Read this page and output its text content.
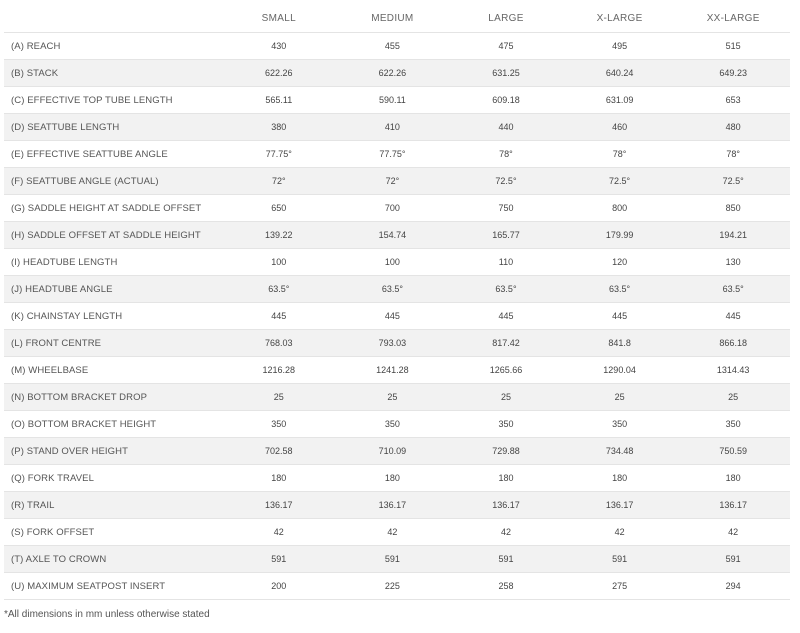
	SMALL	MEDIUM	LARGE	X-LARGE	XX-LARGE
(A) REACH	430	455	475	495	515
(B) STACK	622.26	622.26	631.25	640.24	649.23
(C) EFFECTIVE TOP TUBE LENGTH	565.11	590.11	609.18	631.09	653
(D) SEATTUBE LENGTH	380	410	440	460	480
(E) EFFECTIVE SEATTUBE ANGLE	77.75°	77.75°	78°	78°	78°
(F) SEATTUBE ANGLE (ACTUAL)	72°	72°	72.5°	72.5°	72.5°
(G) SADDLE HEIGHT AT SADDLE OFFSET	650	700	750	800	850
(H) SADDLE OFFSET AT SADDLE HEIGHT	139.22	154.74	165.77	179.99	194.21
(I) HEADTUBE LENGTH	100	100	110	120	130
(J) HEADTUBE ANGLE	63.5°	63.5°	63.5°	63.5°	63.5°
(K) CHAINSTAY LENGTH	445	445	445	445	445
(L) FRONT CENTRE	768.03	793.03	817.42	841.8	866.18
(M) WHEELBASE	1216.28	1241.28	1265.66	1290.04	1314.43
(N) BOTTOM BRACKET DROP	25	25	25	25	25
(O) BOTTOM BRACKET HEIGHT	350	350	350	350	350
(P) STAND OVER HEIGHT	702.58	710.09	729.88	734.48	750.59
(Q) FORK TRAVEL	180	180	180	180	180
(R) TRAIL	136.17	136.17	136.17	136.17	136.17
(S) FORK OFFSET	42	42	42	42	42
(T) AXLE TO CROWN	591	591	591	591	591
(U) MAXIMUM SEATPOST INSERT	200	225	258	275	294
*All dimensions in mm unless otherwise stated
